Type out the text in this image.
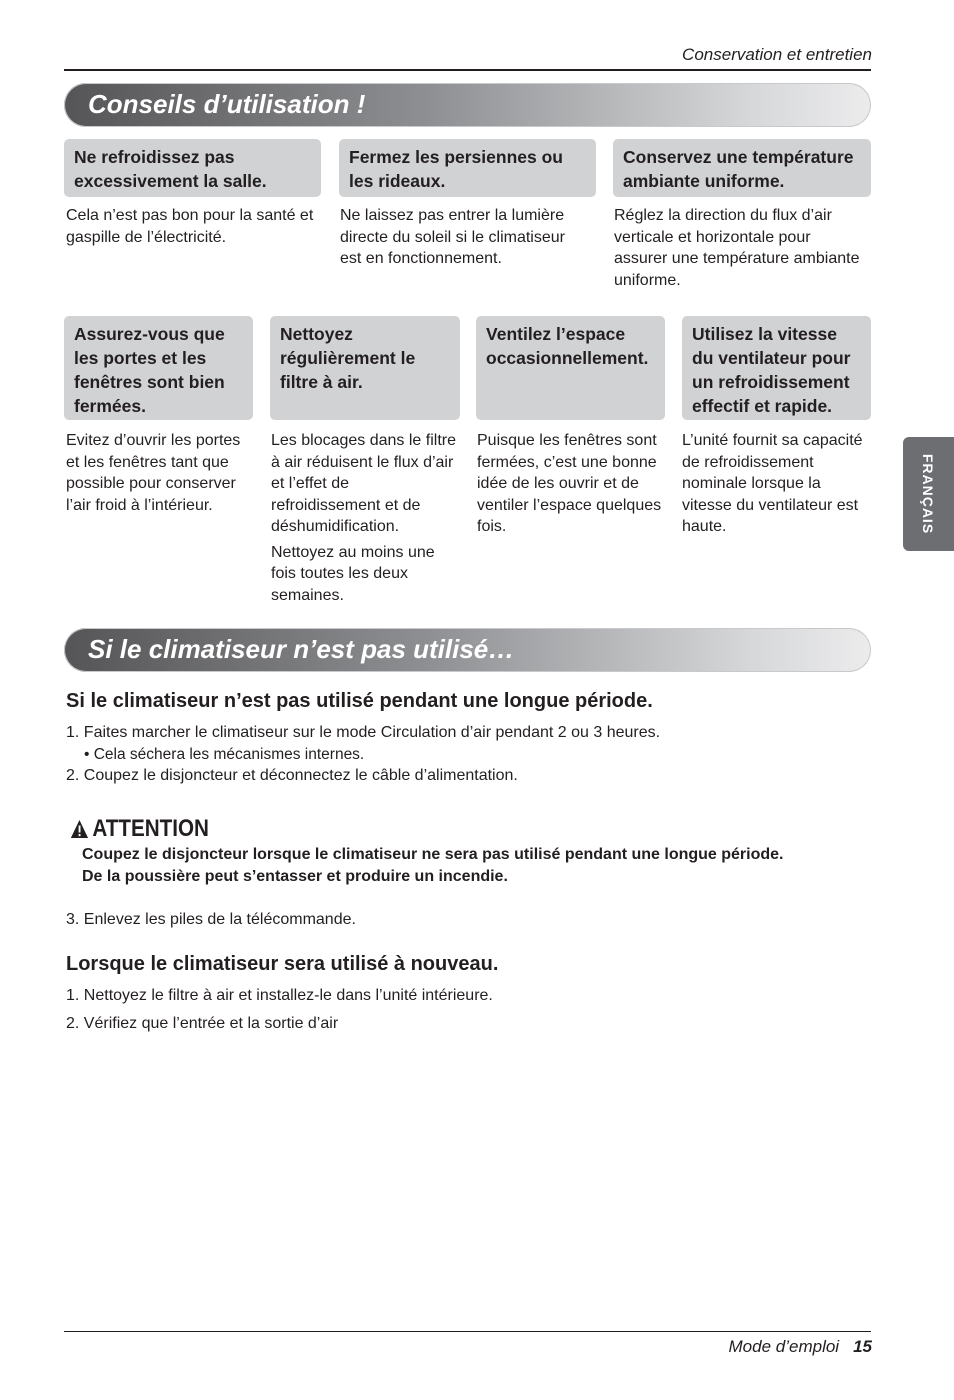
Conservation et entretien
Conseils d’utilisation !
Ne refroidissez pas excessivement la salle.

Cela n’est pas bon pour la santé et gaspille de l’électricité.

Fermez les persiennes ou les rideaux.

Ne laissez pas entrer la lumière directe du soleil si le climatiseur est en fonctionnement.

Conservez une température ambiante uniforme.

Réglez la direction du flux d’air verticale et horizontale pour assurer une température ambiante uniforme.

Assurez-vous que les portes et les fenêtres sont bien fermées.

Evitez d’ouvrir les portes et les fenêtres tant que possible pour conserver l’air froid à l’intérieur.

Nettoyez régulièrement le filtre à air.

Les blocages dans le filtre à air réduisent le flux d’air et l’effet de refroidissement et de déshumidification.

Nettoyez au moins une fois toutes les deux semaines.

Ventilez l’espace occasionnellement.

Puisque les fenêtres sont fermées, c’est une bonne idée de les ouvrir et de ventiler l’espace quelques fois.

Utilisez la vitesse du ventilateur pour un refroidissement effectif et rapide.

L’unité fournit sa capacité de refroidissement nominale lorsque la vitesse du ventilateur est haute.	FRANÇAIS
Si le climatiseur n’est pas utilisé…
Si le climatiseur n’est pas utilisé pendant une longue période.
1. Faites marcher le climatiseur sur le mode Circulation d’air pendant 2 ou 3 heures.
• Cela séchera les mécanismes internes.
2. Coupez le disjoncteur et déconnectez le câble d’alimentation.
ATTENTION
Coupez le disjoncteur lorsque le climatiseur ne sera pas utilisé pendant une longue période.
De la poussière peut s’entasser et produire un incendie.
3. Enlevez les piles de la télécommande.
Lorsque le climatiseur sera utilisé à nouveau.
1. Nettoyez le filtre à air et installez-le dans l’unité intérieure.
2. Vérifiez que l’entrée et la sortie d’air
Mode d’emploi 15
